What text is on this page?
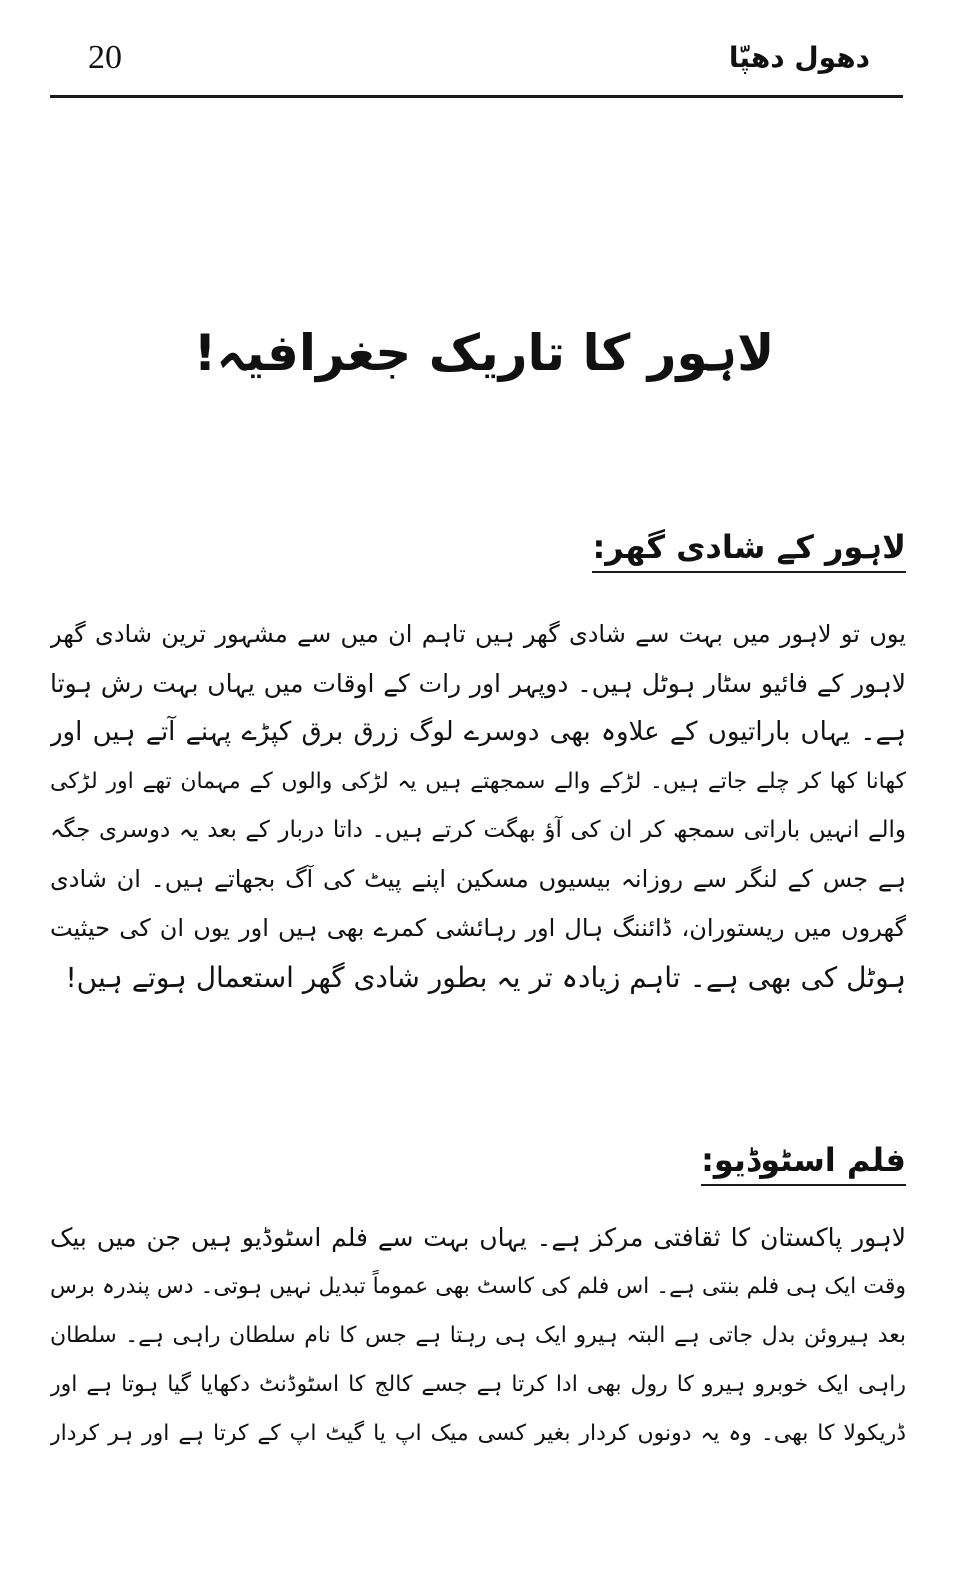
20	دھول دھپّا
لاہور کا تاریک جغرافیہ!
لاہور کے شادی گھر:
یوں تو لاہور میں بہت سے شادی گھر ہیں تاہم ان میں سے مشہور ترین شادی گھر
لاہور کے فائیو سٹار ہوٹل ہیں۔ دوپہر اور رات کے اوقات میں یہاں بہت رش ہوتا
ہے۔ یہاں باراتیوں کے علاوہ بھی دوسرے لوگ زرق برق کپڑے پہنے آتے ہیں اور
کھانا کھا کر چلے جاتے ہیں۔ لڑکے والے سمجھتے ہیں یہ لڑکی والوں کے مہمان تھے اور لڑکی
والے انہیں باراتی سمجھ کر ان کی آؤ بھگت کرتے ہیں۔ داتا دربار کے بعد یہ دوسری جگہ
ہے جس کے لنگر سے روزانہ بیسیوں مسکین اپنے پیٹ کی آگ بجھاتے ہیں۔ ان شادی
گھروں میں ریستوران، ڈائننگ ہال اور رہائشی کمرے بھی ہیں اور یوں ان کی حیثیت
ہوٹل کی بھی ہے۔ تاہم زیادہ تر یہ بطور شادی گھر استعمال ہوتے ہیں!
فلم اسٹوڈیو:
لاہور پاکستان کا ثقافتی مرکز ہے۔ یہاں بہت سے فلم اسٹوڈیو ہیں جن میں بیک
وقت ایک ہی فلم بنتی ہے۔ اس فلم کی کاسٹ بھی عموماً تبدیل نہیں ہوتی۔ دس پندرہ برس
بعد ہیروئن بدل جاتی ہے البتہ ہیرو ایک ہی رہتا ہے جس کا نام سلطان راہی ہے۔ سلطان
راہی ایک خوبرو ہیرو کا رول بھی ادا کرتا ہے جسے کالج کا اسٹوڈنٹ دکھایا گیا ہوتا ہے اور
ڈریکولا کا بھی۔ وہ یہ دونوں کردار بغیر کسی میک اپ یا گیٹ اپ کے کرتا ہے اور ہر کردار
